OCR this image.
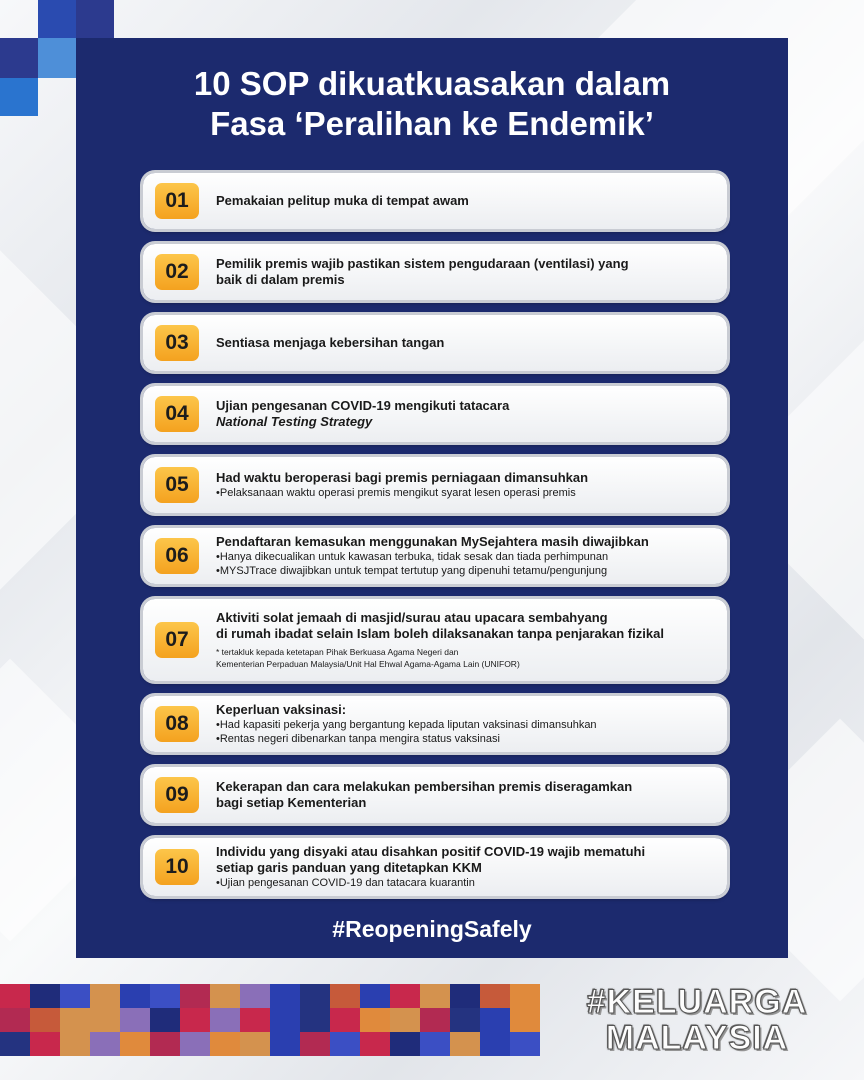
10 SOP dikuatkuasakan dalam
Fasa ‘Peralihan ke Endemik’
01	Pemakaian pelitup muka di tempat awam
02	Pemilik premis wajib pastikan sistem pengudaraan (ventilasi) yang
baik di dalam premis
03	Sentiasa menjaga kebersihan tangan
04	Ujian pengesanan COVID-19 mengikuti tatacara
National Testing Strategy
05	Had waktu beroperasi bagi premis perniagaan dimansuhkan
• Pelaksanaan waktu operasi premis mengikut syarat lesen operasi premis
06
Pendaftaran kemasukan menggunakan MySejahtera masih diwajibkan
• Hanya dikecualikan untuk kawasan terbuka, tidak sesak dan tiada perhimpunan
• MYSJTrace diwajibkan untuk tempat tertutup yang dipenuhi tetamu/pengunjung
07
Aktiviti solat jemaah di masjid/surau atau upacara sembahyang
di rumah ibadat selain Islam boleh dilaksanakan tanpa penjarakan fizikal
* tertakluk kepada ketetapan Pihak Berkuasa Agama Negeri dan
Kementerian Perpaduan Malaysia/Unit Hal Ehwal Agama-Agama Lain (UNIFOR)
08
Keperluan vaksinasi:
• Had kapasiti pekerja yang bergantung kepada liputan vaksinasi dimansuhkan
• Rentas negeri dibenarkan tanpa mengira status vaksinasi
09	Kekerapan dan cara melakukan pembersihan premis diseragamkan
bagi setiap Kementerian
10
Individu yang disyaki atau disahkan positif COVID-19 wajib mematuhi
setiap garis panduan yang ditetapkan KKM
• Ujian pengesanan COVID-19 dan tatacara kuarantin
#ReopeningSafely
#KELUARGA
MALAYSIA
